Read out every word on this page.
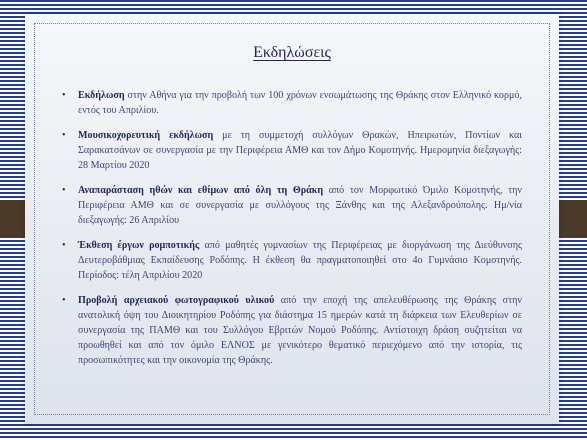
Εκδηλώσεις
• Εκδήλωση στην Αθήνα για την προβολή των 100 χρόνων ενσωμάτωσης της Θράκης στον Ελληνικό κορμό, εντός του Απριλίου.
• Μουσικοχορευτική εκδήλωση με τη συμμετοχή συλλόγων Θρακών, Ηπειρωτών, Ποντίων και Σαρακατσάνων σε συνεργασία με την Περιφέρεια ΑΜΘ και τον Δήμο Κομοτηνής. Ημερομηνία διεξαγωγής: 28 Μαρτίου 2020
• Αναπαράσταση ηθών και εθίμων από όλη τη Θράκη από τον Μορφωτικό Όμιλο Κομοτηνής, την Περιφέρεια ΑΜΘ και σε συνεργασία με συλλόγους της Ξάνθης και της Αλεξανδρούπολης. Ημ/νία διεξαγωγής: 26 Απριλίου
• Έκθεση έργων ρομποτικής από μαθητές γυμνασίων της Περιφέρειας με διοργάνωση της Διεύθυνσης Δευτεροβάθμιας Εκπαίδευσης Ροδόπης. Η έκθεση θα πραγματοποιηθεί στο 4ο Γυμνάσιο Κομοτηνής. Περίοδος: τέλη Απριλίου 2020
• Προβολή αρχειακού φωτογραφικού υλικού από την εποχή της απελευθέρωσης της Θράκης στην ανατολική όψη του Διοικητηρίου Ροδόπης για διάστημα 15 ημερών κατά τη διάρκεια των Ελευθερίων σε συνεργασία της ΠΑΜΘ και του Συλλόγου Εβριτών Νομού Ροδόπης. Αντίστοιχη δράση συζητείται να προωθηθεί και από τον όμιλο ΕΛΝΟΣ με γενικότερο θεματικό περιεχόμενο από την ιστορία, τις προσωπικότητες και την οικονομία της Θράκης.
